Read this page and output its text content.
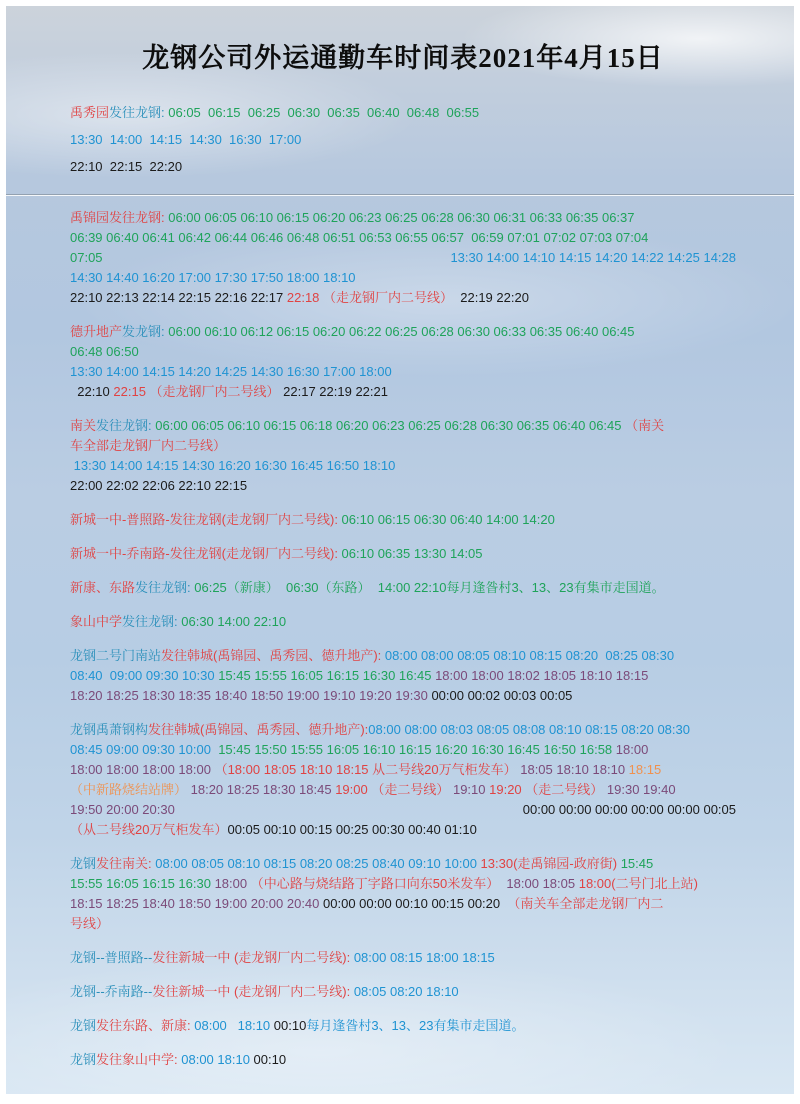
龙钢公司外运通勤车时间表2021年4月15日
禹秀园发往龙钢: 06:05  06:15  06:25  06:30  06:35  06:40  06:48  06:55
13:30  14:00  14:15  14:30  16:30  17:00
22:10  22:15  22:20
禹锦园发往龙钢: 06:00 06:05 06:10 06:15 06:20 06:23 06:25 06:28 06:30 06:31 06:33 06:35 06:37
06:39 06:40 06:41 06:42 06:44 06:46 06:48 06:51 06:53 06:55 06:57  06:59 07:01 07:02 07:03 07:04
07:05	13:30 14:00 14:10 14:15 14:20 14:22 14:25 14:28
14:30 14:40 16:20 17:00 17:30 17:50 18:00 18:10
22:10 22:13 22:14 22:15 22:16 22:17 22:18 （走龙钢厂内二号线）  22:19 22:20
德升地产发龙钢: 06:00 06:10 06:12 06:15 06:20 06:22 06:25 06:28 06:30 06:33 06:35 06:40 06:45
06:48 06:50
13:30 14:00 14:15 14:20 14:25 14:30 16:30 17:00 18:00
22:10 22:15 （走龙钢厂内二号线） 22:17 22:19 22:21
南关发往龙钢: 06:00 06:05 06:10 06:15 06:18 06:20 06:23 06:25 06:28 06:30 06:35 06:40 06:45 （南关
车全部走龙钢厂内二号线）
13:30 14:00 14:15 14:30 16:20 16:30 16:45 16:50 18:10
22:00 22:02 22:06 22:10 22:15
新城一中-普照路-发往龙钢(走龙钢厂内二号线): 06:10 06:15 06:30 06:40 14:00 14:20
新城一中-乔南路-发往龙钢(走龙钢厂内二号线): 06:10 06:35 13:30 14:05
新康、东路发往龙钢: 06:25（新康）  06:30（东路）  14:00 22:10每月逢昝村3、13、23有集市走国道。
象山中学发往龙钢: 06:30 14:00 22:10
龙钢二号门南站发往韩城(禹锦园、禹秀园、德升地产): 08:00 08:00 08:05 08:10 08:15 08:20  08:25 08:30
08:40  09:00 09:30 10:30 15:45 15:55 16:05 16:15 16:30 16:45 18:00 18:00 18:02 18:05 18:10 18:15
18:20 18:25 18:30 18:35 18:40 18:50 19:00 19:10 19:20 19:30 00:00 00:02 00:03 00:05
龙钢禹萧钢构发往韩城(禹锦园、禹秀园、德升地产):08:00 08:00 08:03 08:05 08:08 08:10 08:15 08:20 08:30
08:45 09:00 09:30 10:00  15:45 15:50 15:55 16:05 16:10 16:15 16:20 16:30 16:45 16:50 16:58 18:00
18:00 18:00 18:00 18:00 （18:00 18:05 18:10 18:15 从二号线20万气柜发车） 18:05 18:10 18:10 18:15
（中新路烧结站牌） 18:20 18:25 18:30 18:45 19:00 （走二号线） 19:10 19:20 （走二号线） 19:30 19:40
19:50 20:00 20:30	00:00 00:00 00:00 00:00 00:00 00:05
（从二号线20万气柜发车）00:05 00:10 00:15 00:25 00:30 00:40 01:10
龙钢发往南关: 08:00 08:05 08:10 08:15 08:20 08:25 08:40 09:10 10:00 13:30(走禹锦园-政府街) 15:45
15:55 16:05 16:15 16:30 18:00 （中心路与烧结路丁字路口向东50米发车）  18:00 18:05 18:00(二号门北上站)
18:15 18:25 18:40 18:50 19:00 20:00 20:40 00:00 00:00 00:10 00:15 00:20  （南关车全部走龙钢厂内二
号线）
龙钢--普照路--发往新城一中 (走龙钢厂内二号线): 08:00 08:15 18:00 18:15
龙钢--乔南路--发往新城一中 (走龙钢厂内二号线): 08:05 08:20 18:10
龙钢发往东路、新康: 08:00   18:10 00:10每月逢昝村3、13、23有集市走国道。
龙钢发往象山中学: 08:00 18:10 00:10
